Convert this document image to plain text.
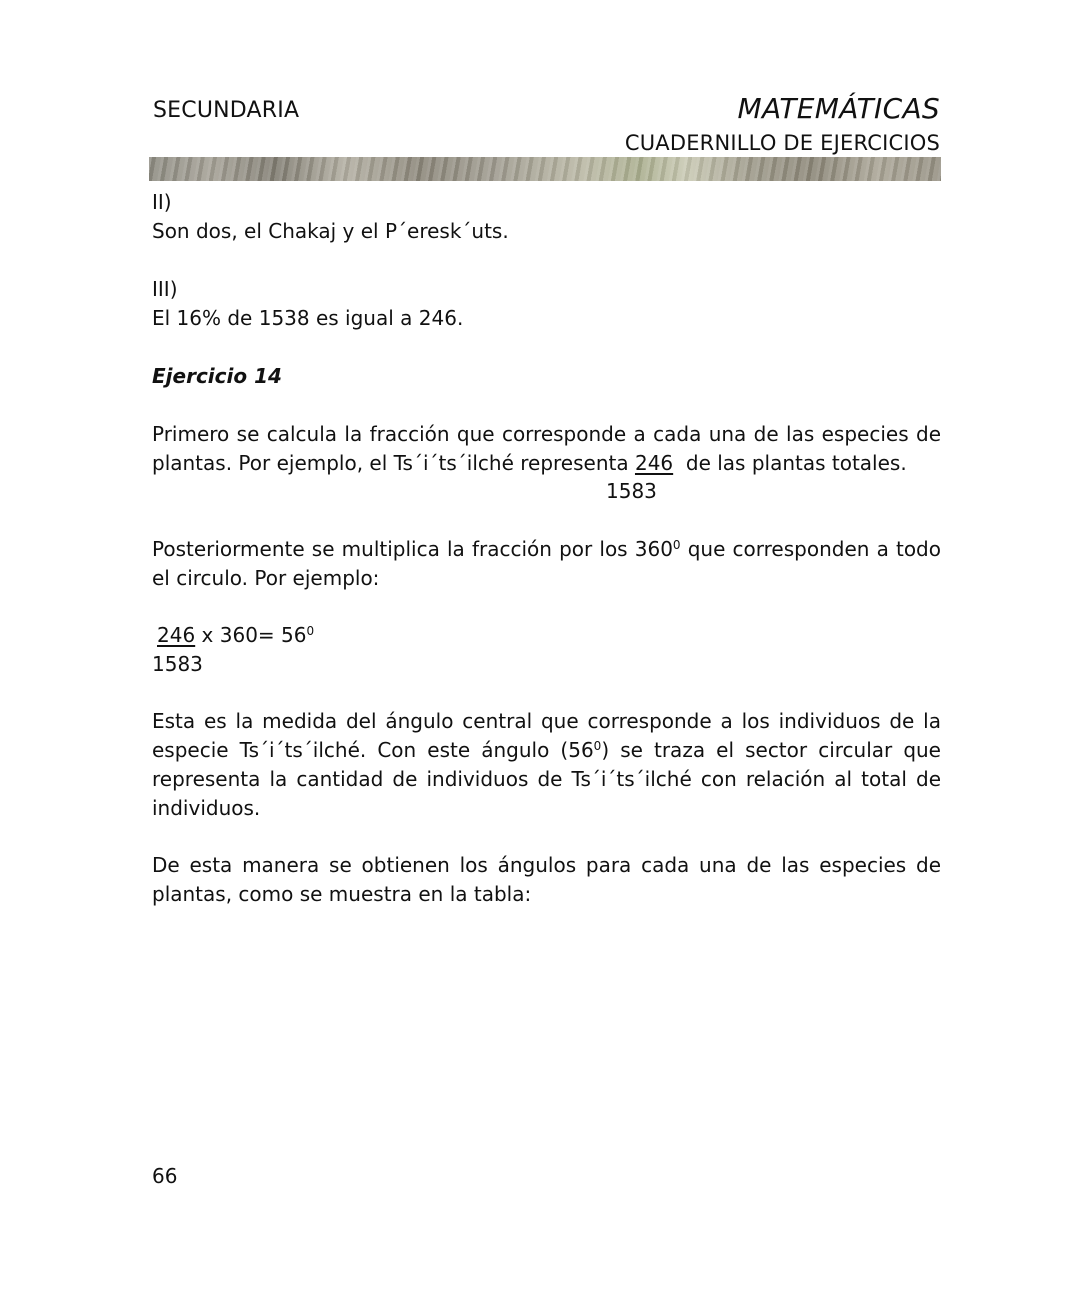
SECUNDARIA	MATEMÁTICAS
CUADERNILLO DE EJERCICIOS
II)
Son dos, el Chakaj y el P´eresk´uts.
III)
El 16% de 1538 es igual a 246.
Ejercicio 14
Primero se calcula la fracción que corresponde a cada una de las especies de plantas. Por ejemplo, el Ts´i´ts´ilché representa 246  de las plantas totales.
1583
Posteriormente se multiplica la fracción por los $360^0$ que corresponden a todo el circulo. Por ejemplo:
246 x $360= 56^0$
1583
Esta es la medida del ángulo central que corresponde a los individuos de la especie Ts´i´ts´ilché. Con este ángulo $(56^0)$ se traza el sector circular que representa la cantidad de individuos de Ts´i´ts´ilché con relación al total de individuos.
De esta manera se obtienen los ángulos para cada una de las especies de plantas, como se muestra en la tabla:
66
